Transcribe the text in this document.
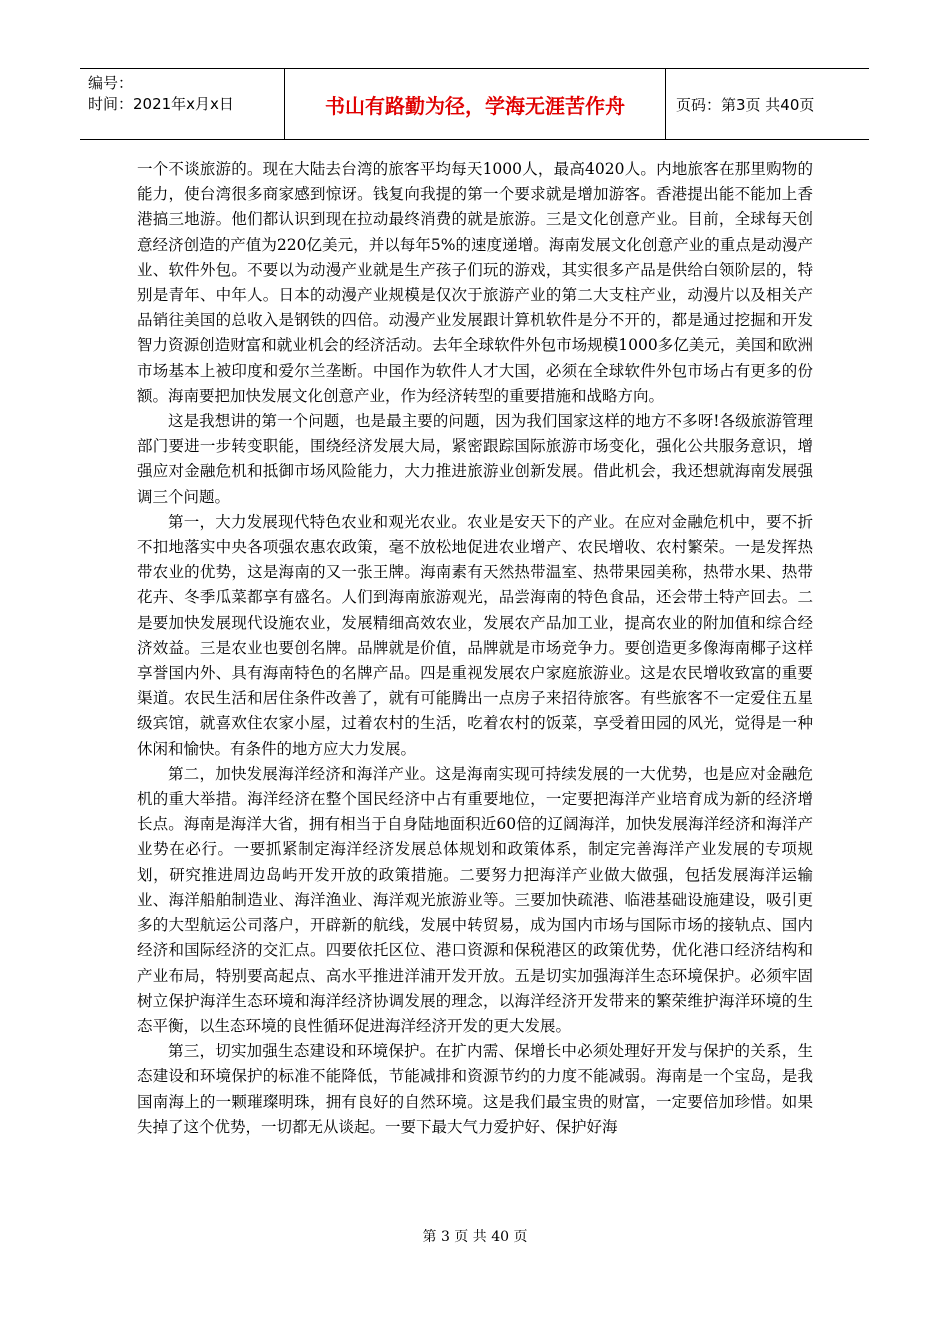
编号：
时间：2021年x月x日	书山有路勤为径，学海无涯苦作舟	页码：第3页 共40页

一个不谈旅游的。现在大陆去台湾的旅客平均每天1000人，最高4020人。内地旅客在那里购物的能力，使台湾很多商家感到惊讶。钱复向我提的第一个要求就是增加游客。香港提出能不能加上香港搞三地游。他们都认识到现在拉动最终消费的就是旅游。三是文化创意产业。目前，全球每天创意经济创造的产值为220亿美元，并以每年5%的速度递增。海南发展文化创意产业的重点是动漫产业、软件外包。不要以为动漫产业就是生产孩子们玩的游戏，其实很多产品是供给白领阶层的，特别是青年、中年人。日本的动漫产业规模是仅次于旅游产业的第二大支柱产业，动漫片以及相关产品销往美国的总收入是钢铁的四倍。动漫产业发展跟计算机软件是分不开的，都是通过挖掘和开发智力资源创造财富和就业机会的经济活动。去年全球软件外包市场规模1000多亿美元，美国和欧洲市场基本上被印度和爱尔兰垄断。中国作为软件人才大国，必须在全球软件外包市场占有更多的份额。海南要把加快发展文化创意产业，作为经济转型的重要措施和战略方向。

这是我想讲的第一个问题，也是最主要的问题，因为我们国家这样的地方不多呀!各级旅游管理部门要进一步转变职能，围绕经济发展大局，紧密跟踪国际旅游市场变化，强化公共服务意识，增强应对金融危机和抵御市场风险能力，大力推进旅游业创新发展。借此机会，我还想就海南发展强调三个问题。

第一，大力发展现代特色农业和观光农业。农业是安天下的产业。在应对金融危机中，要不折不扣地落实中央各项强农惠农政策，毫不放松地促进农业增产、农民增收、农村繁荣。一是发挥热带农业的优势，这是海南的又一张王牌。海南素有天然热带温室、热带果园美称，热带水果、热带花卉、冬季瓜菜都享有盛名。人们到海南旅游观光，品尝海南的特色食品，还会带土特产回去。二是要加快发展现代设施农业，发展精细高效农业，发展农产品加工业，提高农业的附加值和综合经济效益。三是农业也要创名牌。品牌就是价值，品牌就是市场竞争力。要创造更多像海南椰子这样享誉国内外、具有海南特色的名牌产品。四是重视发展农户家庭旅游业。这是农民增收致富的重要渠道。农民生活和居住条件改善了，就有可能腾出一点房子来招待旅客。有些旅客不一定爱住五星级宾馆，就喜欢住农家小屋，过着农村的生活，吃着农村的饭菜，享受着田园的风光，觉得是一种休闲和愉快。有条件的地方应大力发展。

第二，加快发展海洋经济和海洋产业。这是海南实现可持续发展的一大优势，也是应对金融危机的重大举措。海洋经济在整个国民经济中占有重要地位，一定要把海洋产业培育成为新的经济增长点。海南是海洋大省，拥有相当于自身陆地面积近60倍的辽阔海洋，加快发展海洋经济和海洋产业势在必行。一要抓紧制定海洋经济发展总体规划和政策体系，制定完善海洋产业发展的专项规划，研究推进周边岛屿开发开放的政策措施。二要努力把海洋产业做大做强，包括发展海洋运输业、海洋船舶制造业、海洋渔业、海洋观光旅游业等。三要加快疏港、临港基础设施建设，吸引更多的大型航运公司落户，开辟新的航线，发展中转贸易，成为国内市场与国际市场的接轨点、国内经济和国际经济的交汇点。四要依托区位、港口资源和保税港区的政策优势，优化港口经济结构和产业布局，特别要高起点、高水平推进洋浦开发开放。五是切实加强海洋生态环境保护。必须牢固树立保护海洋生态环境和海洋经济协调发展的理念，以海洋经济开发带来的繁荣维护海洋环境的生态平衡，以生态环境的良性循环促进海洋经济开发的更大发展。

第三，切实加强生态建设和环境保护。在扩内需、保增长中必须处理好开发与保护的关系，生态建设和环境保护的标准不能降低，节能减排和资源节约的力度不能减弱。海南是一个宝岛，是我国南海上的一颗璀璨明珠，拥有良好的自然环境。这是我们最宝贵的财富，一定要倍加珍惜。如果失掉了这个优势，一切都无从谈起。一要下最大气力爱护好、保护好海

第 3 页 共 40 页
